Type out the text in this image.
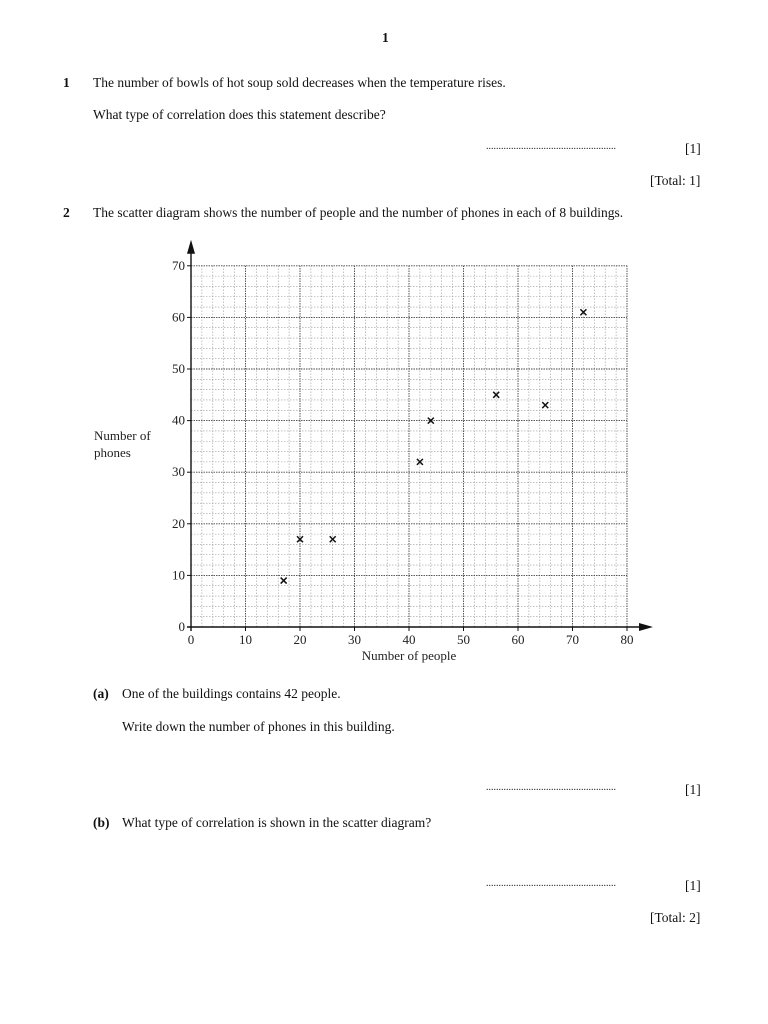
1
1 The number of bowls of hot soup sold decreases when the temperature rises.
What type of correlation does this statement describe?
....................................................	[1]
[Total: 1]
2 The scatter diagram shows the number of people and the number of phones in each of 8 buildings.
0	10	20	30	40	50	60	70	80
0
10
20
30
40
50
60
70
Number of people
Number of
phones
(a) One of the buildings contains 42 people.
Write down the number of phones in this building.
....................................................	[1]
(b) What type of correlation is shown in the scatter diagram?
....................................................	[1]
[Total: 2]
